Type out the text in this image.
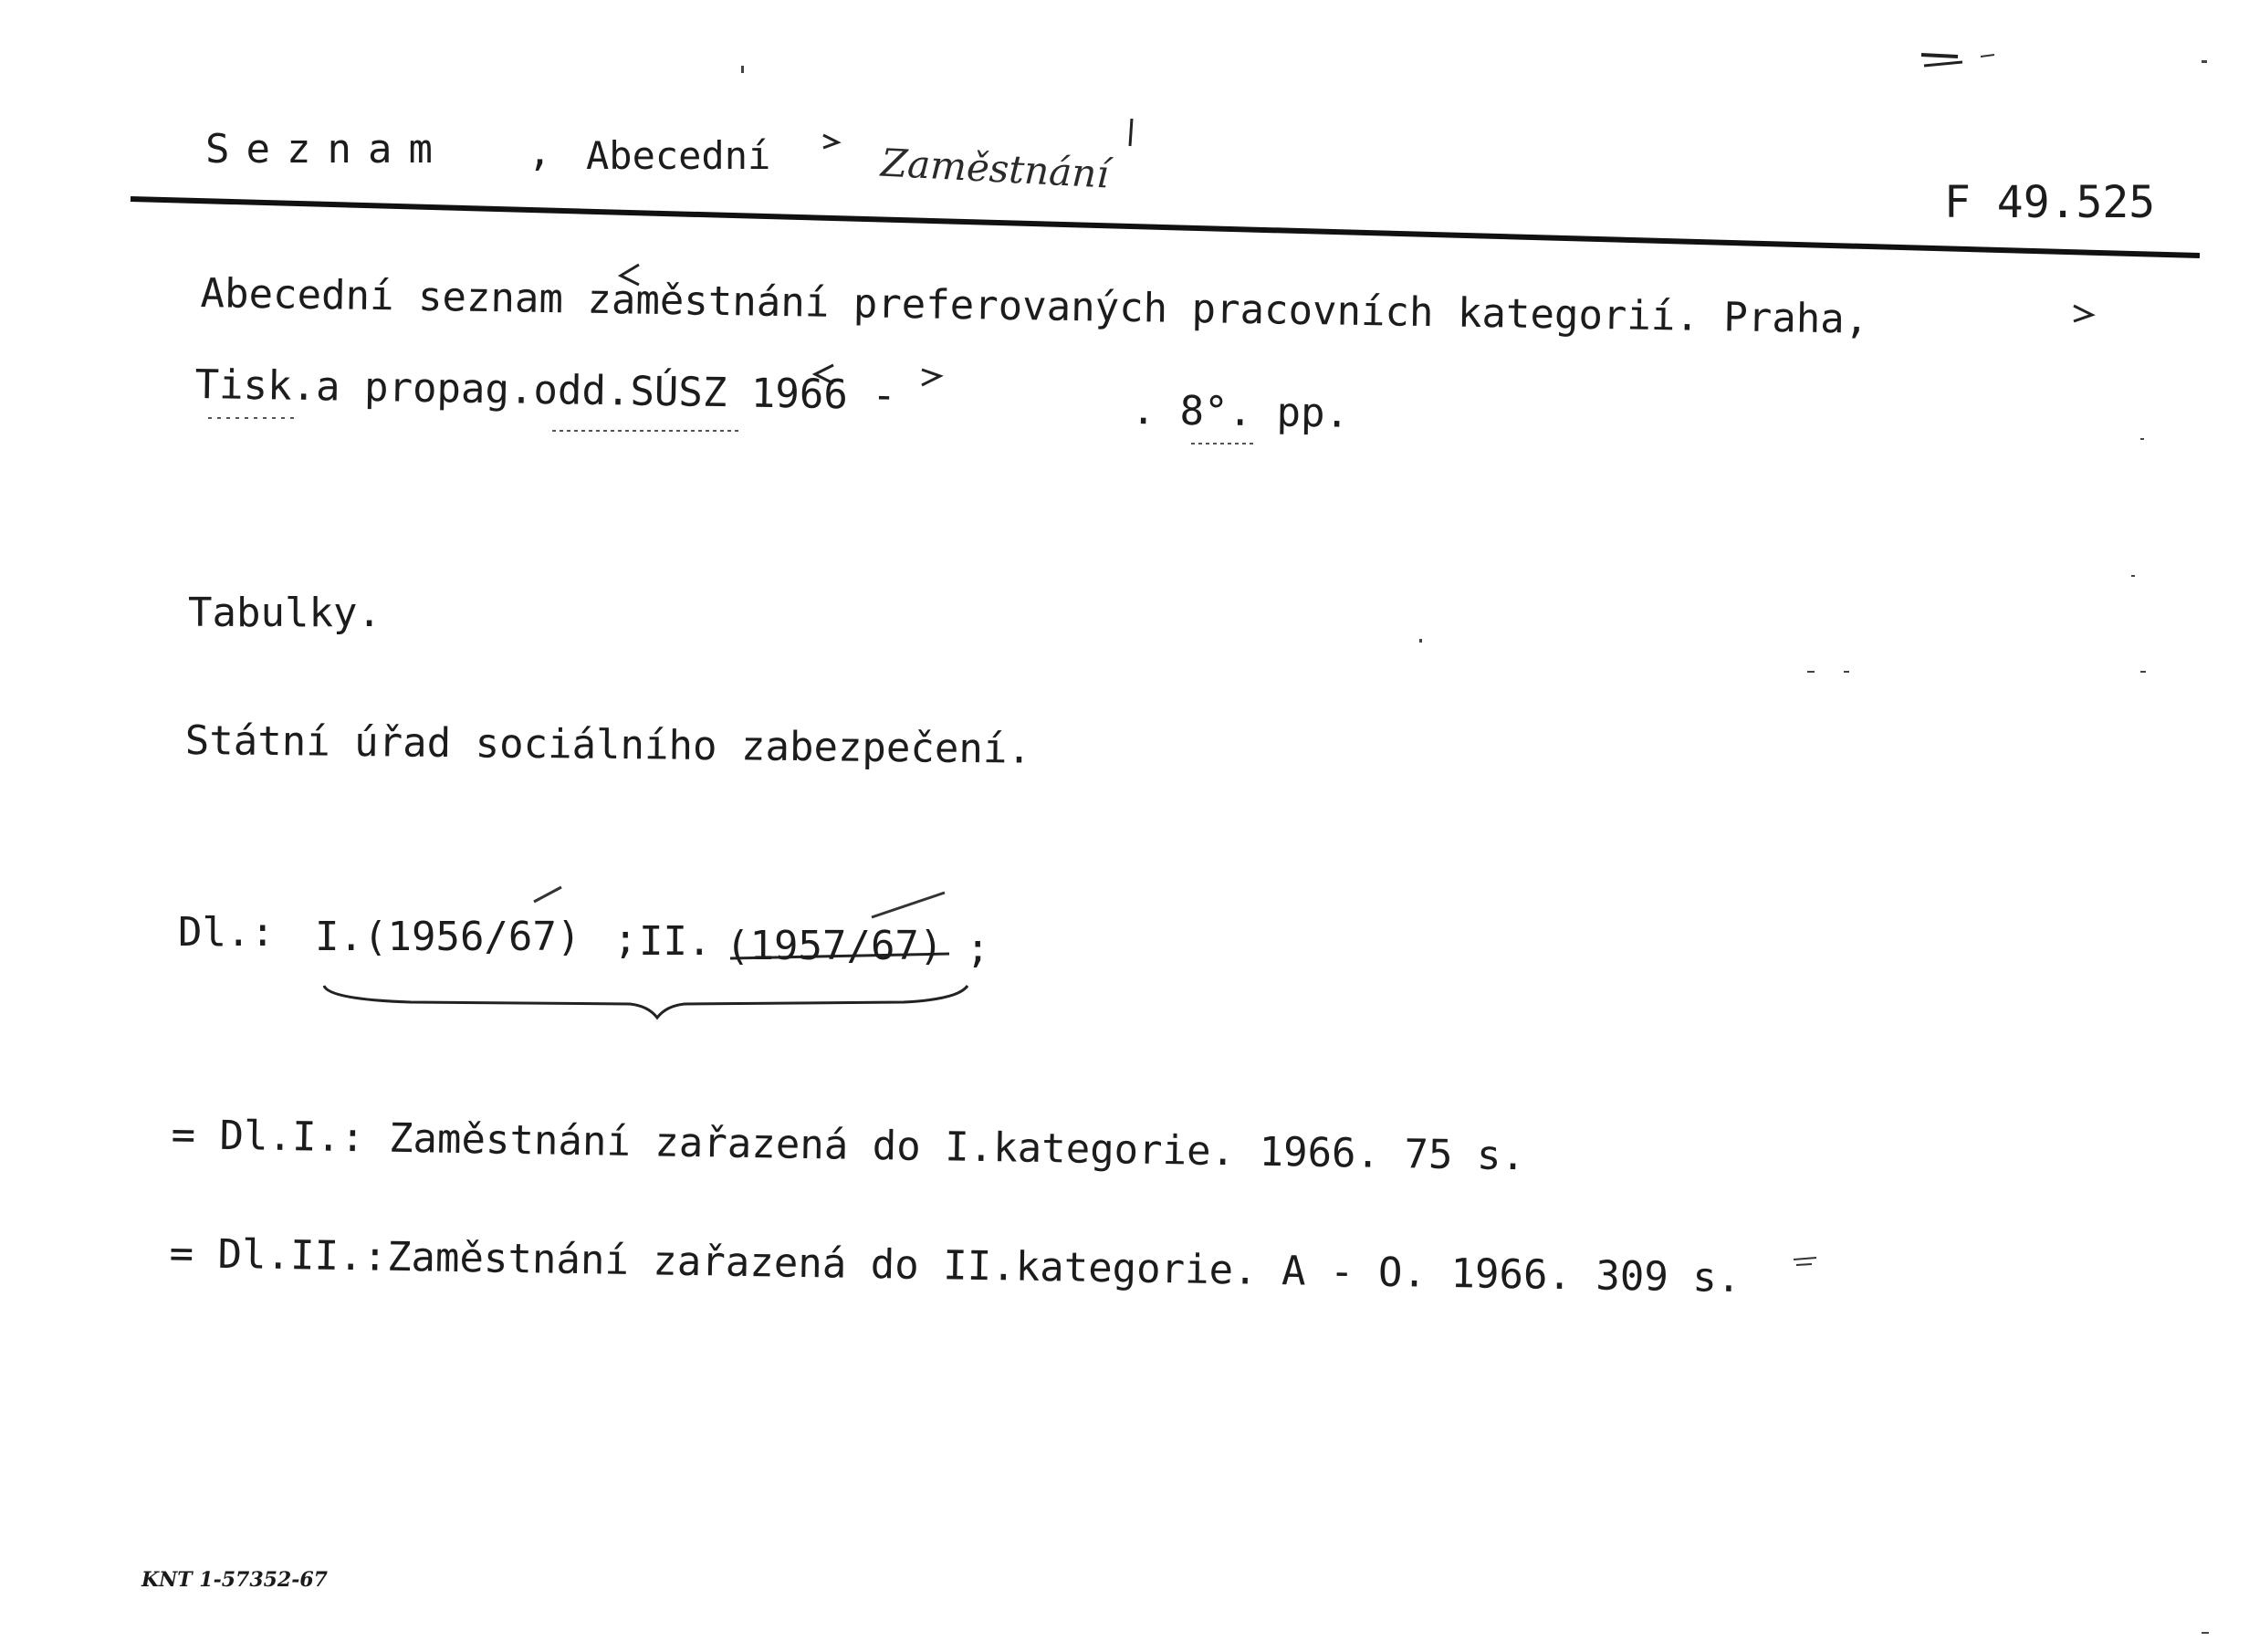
Seznam , Abecední	Zaměstnání
F 49.525
Abecední seznam zaměstnání preferovaných pracovních kategorií. Praha,
Tisk.a propag.odd.SÚSZ 1966 -	. 8°. pp.
Tabulky.
Státní úřad sociálního zabezpečení.
Dl.: I.(1956/67) ; II. (1957/67) ;
= Dl.I.: Zaměstnání zařazená do I.kategorie. 1966. 75 s.
= Dl.II.:Zaměstnání zařazená do II.kategorie. A - O. 1966. 309 s.
KNT 1-57352-67
